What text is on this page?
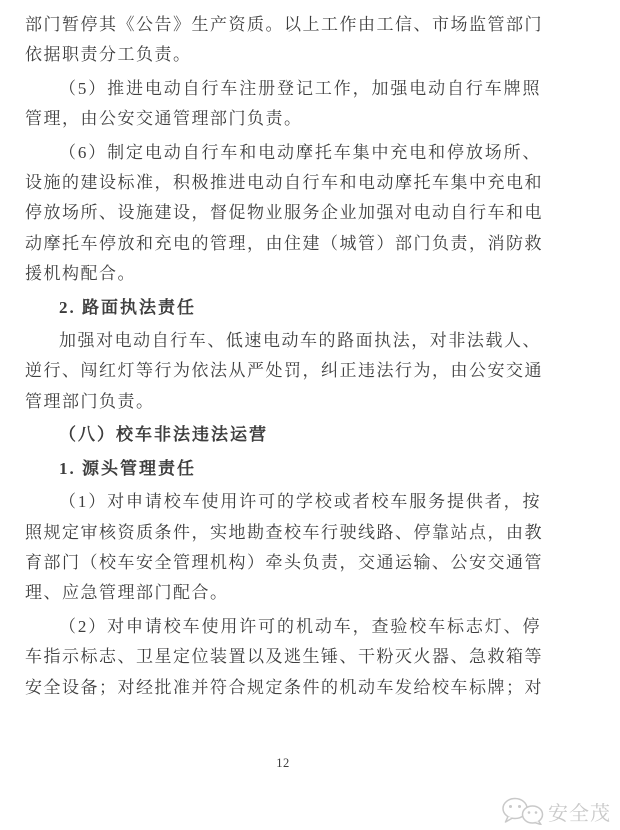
部门暂停其《公告》生产资质。以上工作由工信、市场监管部门
依据职责分工负责。
（5）推进电动自行车注册登记工作，加强电动自行车牌照
管理，由公安交通管理部门负责。
（6）制定电动自行车和电动摩托车集中充电和停放场所、
设施的建设标准，积极推进电动自行车和电动摩托车集中充电和
停放场所、设施建设，督促物业服务企业加强对电动自行车和电
动摩托车停放和充电的管理，由住建（城管）部门负责，消防救
援机构配合。
2. 路面执法责任
加强对电动自行车、低速电动车的路面执法，对非法载人、
逆行、闯红灯等行为依法从严处罚，纠正违法行为，由公安交通
管理部门负责。
（八）校车非法违法运营
1. 源头管理责任
（1）对申请校车使用许可的学校或者校车服务提供者，按
照规定审核资质条件，实地勘查校车行驶线路、停靠站点，由教
育部门（校车安全管理机构）牵头负责，交通运输、公安交通管
理、应急管理部门配合。
（2）对申请校车使用许可的机动车，查验校车标志灯、停
车指示标志、卫星定位装置以及逃生锤、干粉灭火器、急救箱等
安全设备；对经批准并符合规定条件的机动车发给校车标牌；对
12
安全茂
